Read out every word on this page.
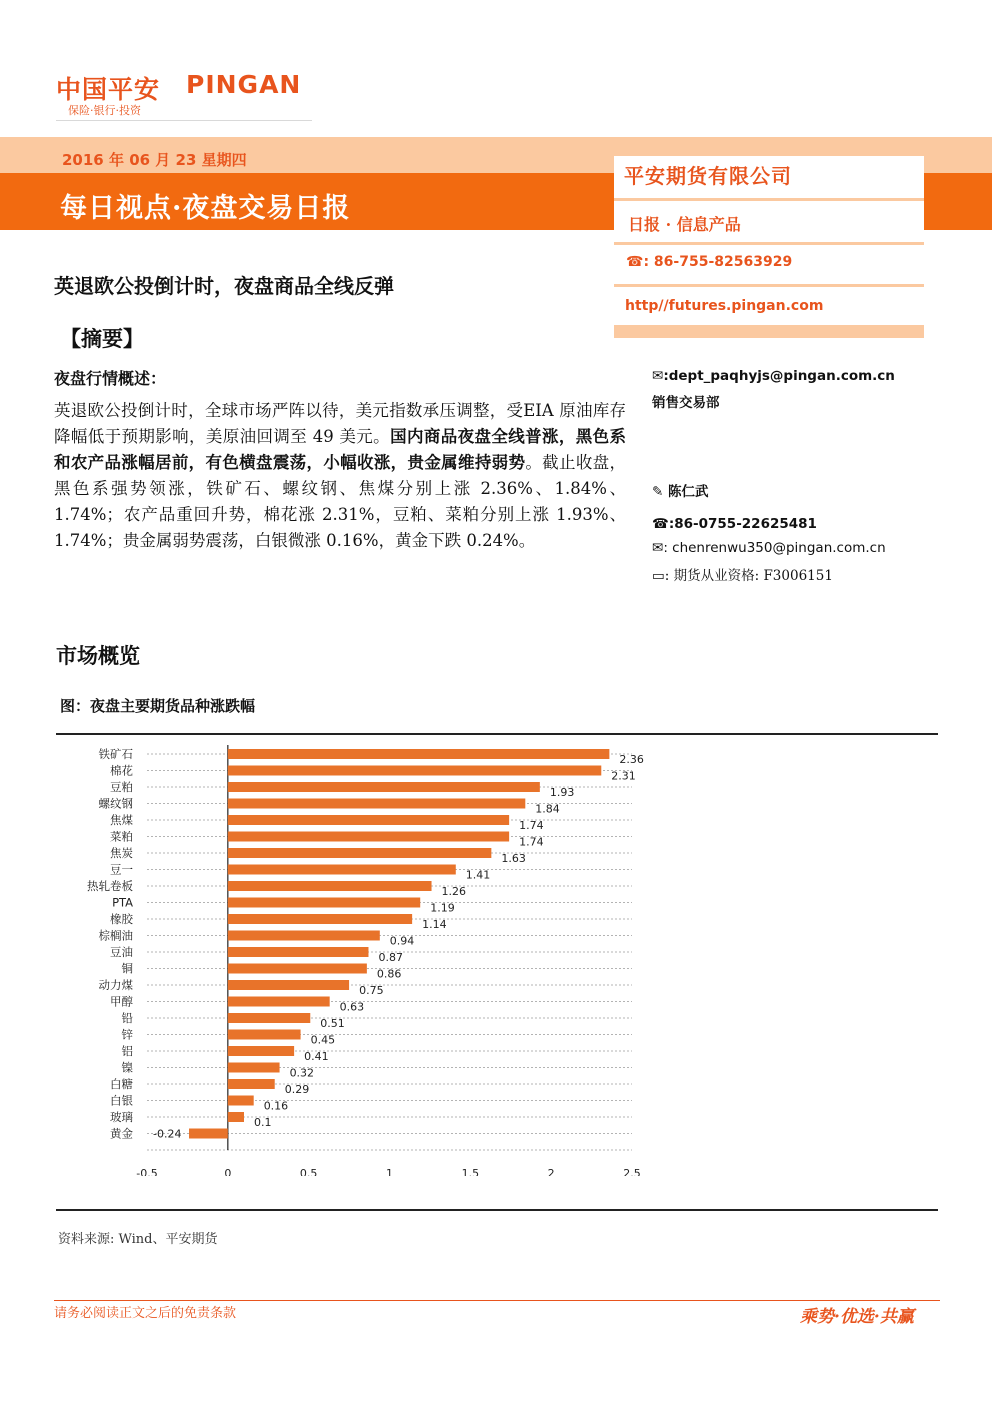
中国平安 PINGAN
保险·银行·投资
2016 年 06 月 23 星期四
每日视点·夜盘交易日报
平安期货有限公司
日报 · 信息产品
☎: 86-755-82563929
http//futures.pingan.com
英退欧公投倒计时，夜盘商品全线反弹
【摘要】
夜盘行情概述：
英退欧公投倒计时，全球市场严阵以待，美元指数承压调整，受EIA 原油库存降幅低于预期影响，美原油回调至 49 美元。国内商品夜盘全线普涨，黑色系和农产品涨幅居前，有色横盘震荡，小幅收涨，贵金属维持弱势。截止收盘，黑色系强势领涨，铁矿石、螺纹钢、焦煤分别上涨 2.36%、1.84%、1.74%；农产品重回升势，棉花涨 2.31%，豆粕、菜粕分别上涨 1.93%、1.74%；贵金属弱势震荡，白银微涨 0.16%，黄金下跌 0.24%。
✉:dept_paqhyjs@pingan.com.cn
销售交易部
✎ 陈仁武
☎:86-0755-22625481
✉: chenrenwu350@pingan.com.cn
▭: 期货从业资格: F3006151
市场概览
图：夜盘主要期货品种涨跌幅
铁矿石	2.36
棉花	2.31
豆粕	1.93
螺纹钢	1.84
焦煤	1.74
菜粕	1.74
焦炭	1.63
豆一	1.41
热轧卷板	1.26
PTA	1.19
橡胶	1.14
棕榈油	0.94
豆油	0.87
铜	0.86
动力煤	0.75
甲醇	0.63
铅	0.51
锌	0.45
铝	0.41
镍	0.32
白糖	0.29
白银	0.16
玻璃	0.1
黄金 -0.24
-0.5	0	0.5	1	1.5	2	2.5
资料来源: Wind、平安期货
请务必阅读正文之后的免责条款	乘势·优选·共赢
